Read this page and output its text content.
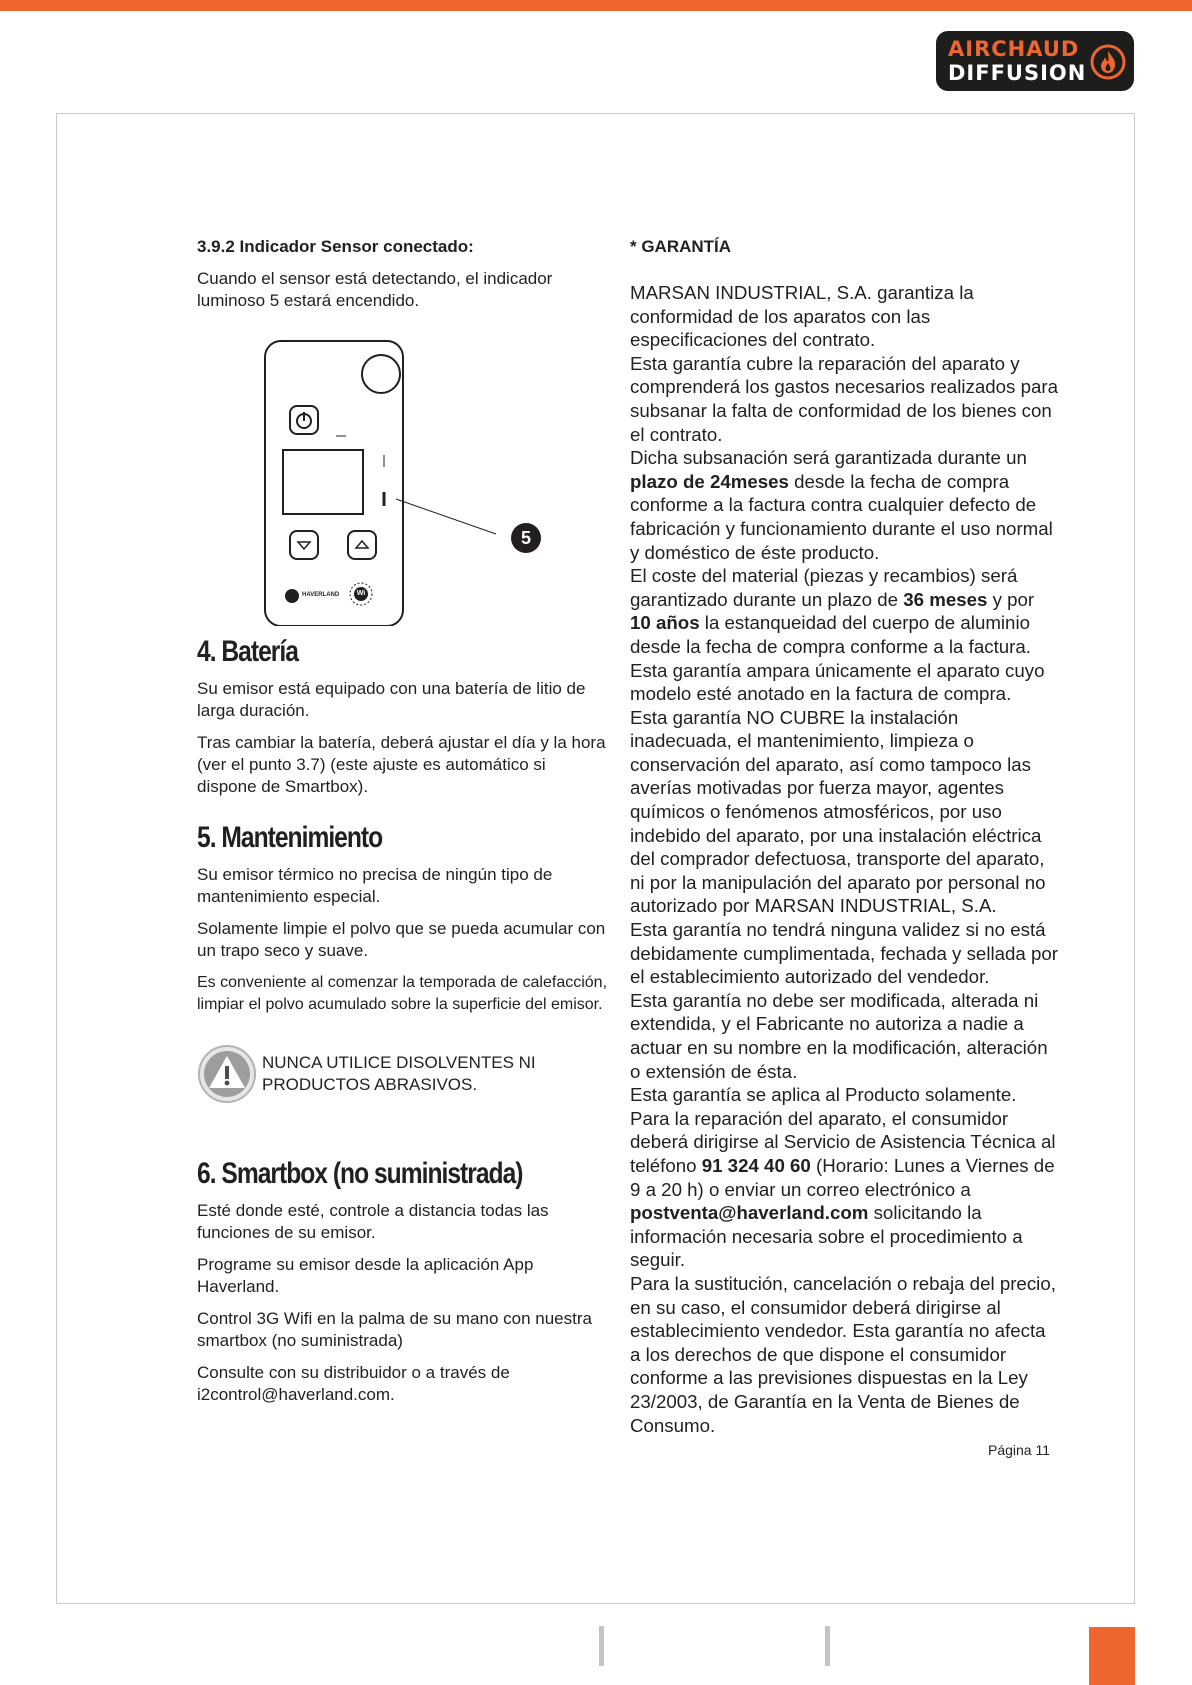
AIRCHAUD
DIFFUSION

3.9.2 Indicador Sensor conectado:

Cuando el sensor está detectando, el indicador luminoso 5 estará encendido.

HAVERLAND	Wi
5

4. Batería

Su emisor está equipado con una batería de litio de larga duración.

Tras cambiar la batería, deberá ajustar el día y la hora (ver el punto 3.7) (este ajuste es automático si dispone de Smartbox).

5. Mantenimiento

Su emisor térmico no precisa de ningún tipo de mantenimiento especial.

Solamente limpie el polvo que se pueda acumular con un trapo seco y suave.

Es conveniente al comenzar la temporada de calefacción, limpiar el polvo acumulado sobre la superficie del emisor.

NUNCA UTILICE DISOLVENTES NI PRODUCTOS ABRASIVOS.

6. Smartbox (no suministrada)

Esté donde esté, controle a distancia todas las funciones de su emisor.

Programe su emisor desde la aplicación App Haverland.

Control 3G Wifi en la palma de su mano con nuestra smartbox (no suministrada)

Consulte con su distribuidor o a través de i2control@haverland.com.

* GARANTÍA

MARSAN INDUSTRIAL, S.A. garantiza la conformidad de los aparatos con las especificaciones del contrato.

Esta garantía cubre la reparación del aparato y comprenderá los gastos necesarios realizados para subsanar la falta de conformidad de los bienes con el contrato.

Dicha subsanación será garantizada durante un plazo de 24meses desde la fecha de compra conforme a la factura contra cualquier defecto de fabricación y funcionamiento durante el uso normal y doméstico de éste producto.

El coste del material (piezas y recambios) será garantizado durante un plazo de 36 meses y por 10 años la estanqueidad del cuerpo de aluminio desde la fecha de compra conforme a la factura.

Esta garantía ampara únicamente el aparato cuyo modelo esté anotado en la factura de compra.

Esta garantía NO CUBRE la instalación inadecuada, el mantenimiento, limpieza o conservación del aparato, así como tampoco las averías motivadas por fuerza mayor, agentes químicos o fenómenos atmosféricos, por uso indebido del aparato, por una instalación eléctrica del comprador defectuosa, transporte del aparato, ni por la manipulación del aparato por personal no autorizado por MARSAN INDUSTRIAL, S.A.

Esta garantía no tendrá ninguna validez si no está debidamente cumplimentada, fechada y sellada por el establecimiento autorizado del vendedor.

Esta garantía no debe ser modificada, alterada ni extendida, y el Fabricante no autoriza a nadie a actuar en su nombre en la modificación, alteración o extensión de ésta.

Esta garantía se aplica al Producto solamente.

Para la reparación del aparato, el consumidor deberá dirigirse al Servicio de Asistencia Técnica al teléfono 91 324 40 60 (Horario: Lunes a Viernes de 9 a 20 h) o enviar un correo electrónico a postventa@haverland.com solicitando la información necesaria sobre el procedimiento a seguir.

Para la sustitución, cancelación o rebaja del precio, en su caso, el consumidor deberá dirigirse al establecimiento vendedor. Esta garantía no afecta a los derechos de que dispone el consumidor conforme a las previsiones dispuestas en la Ley 23/2003, de Garantía en la Venta de Bienes de Consumo.

Página 11
